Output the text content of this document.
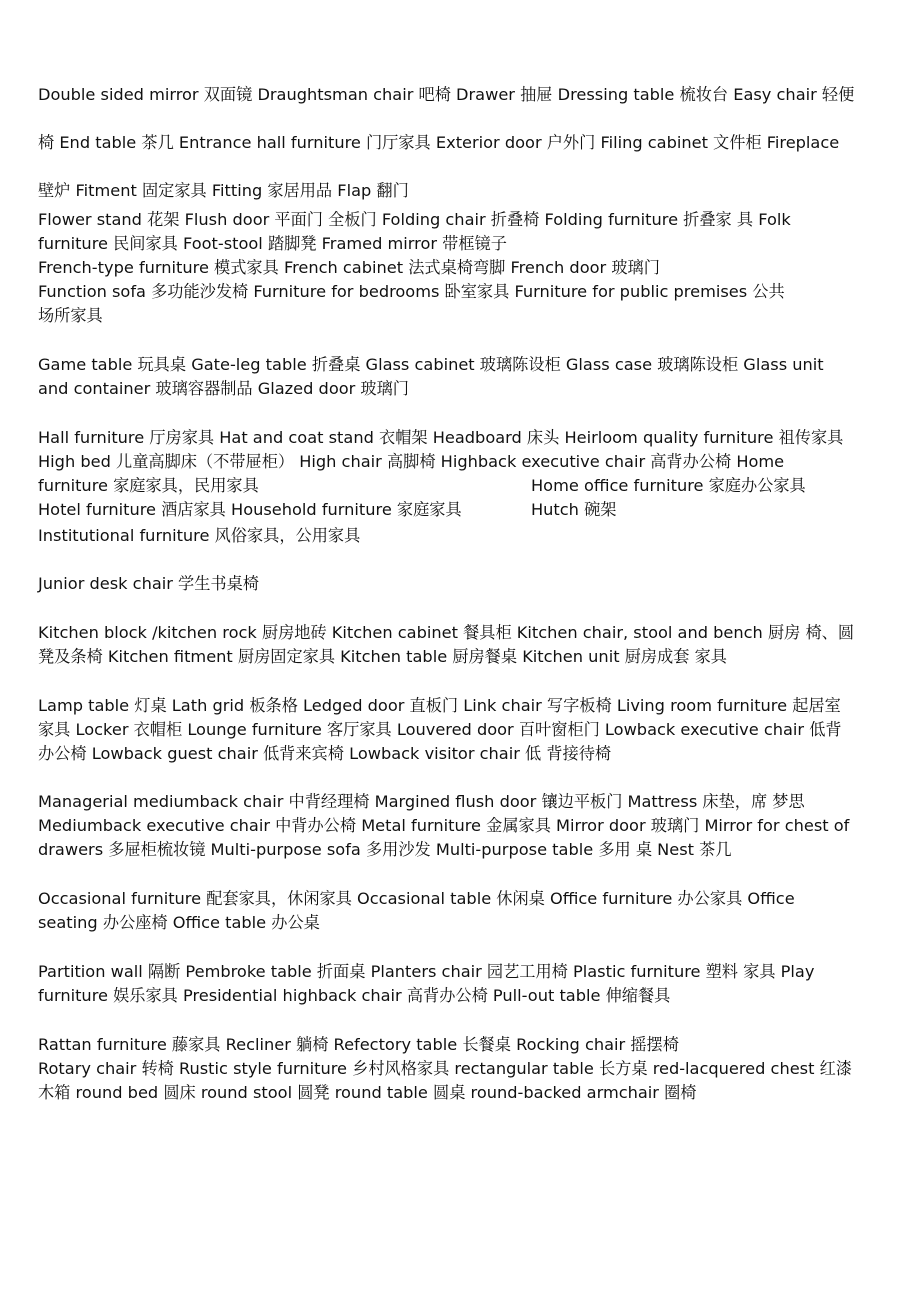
Double sided mirror 双面镜 Draughtsman chair 吧椅 Drawer 抽屉 Dressing table 梳妆台 Easy chair 轻便
椅 End table 茶几 Entrance hall furniture 门厅家具 Exterior door 户外门 Filing cabinet 文件柜 Fireplace
壁炉 Fitment 固定家具 Fitting 家居用品 Flap 翻门
Flower stand 花架 Flush door 平面门 全板门 Folding chair 折叠椅 Folding furniture 折叠家 具 Folk
furniture 民间家具 Foot-stool 踏脚凳 Framed mirror 带框镜子
French-type furniture 模式家具 French cabinet 法式桌椅弯脚 French door 玻璃门
Function sofa 多功能沙发椅 Furniture for bedrooms 卧室家具 Furniture for public premises 公共
场所家具
Game table 玩具桌 Gate-leg table 折叠桌 Glass cabinet 玻璃陈设柜 Glass case 玻璃陈设柜 Glass unit
and container 玻璃容器制品 Glazed door 玻璃门
Hall furniture 厅房家具 Hat and coat stand 衣帽架 Headboard 床头 Heirloom quality furniture 祖传家具
High bed 儿童高脚床（不带屉柜） High chair 高脚椅 Highback executive chair 高背办公椅 Home
furniture 家庭家具，民用家具	Home office furniture 家庭办公家具
Hotel furniture 酒店家具 Household furniture 家庭家具	Hutch 碗架
Institutional furniture 风俗家具，公用家具
Junior desk chair 学生书桌椅
Kitchen block /kitchen rock 厨房地砖 Kitchen cabinet 餐具柜 Kitchen chair, stool and bench 厨房 椅、圆
凳及条椅 Kitchen fitment 厨房固定家具 Kitchen table 厨房餐桌 Kitchen unit 厨房成套 家具
Lamp table 灯桌 Lath grid 板条格 Ledged door 直板门 Link chair 写字板椅 Living room furniture 起居室
家具 Locker 衣帽柜 Lounge furniture 客厅家具 Louvered door 百叶窗柜门 Lowback executive chair 低背
办公椅 Lowback guest chair 低背来宾椅 Lowback visitor chair 低 背接待椅
Managerial mediumback chair 中背经理椅 Margined flush door 镶边平板门 Mattress 床垫，席 梦思
Mediumback executive chair 中背办公椅 Metal furniture 金属家具 Mirror door 玻璃门 Mirror for chest of
drawers 多屉柜梳妆镜 Multi-purpose sofa 多用沙发 Multi-purpose table 多用 桌 Nest 茶几
Occasional furniture 配套家具，休闲家具 Occasional table 休闲桌 Office furniture 办公家具 Office
seating 办公座椅 Office table 办公桌
Partition wall 隔断 Pembroke table 折面桌 Planters chair 园艺工用椅 Plastic furniture 塑料 家具 Play
furniture 娱乐家具 Presidential highback chair 高背办公椅 Pull-out table 伸缩餐具
Rattan furniture 藤家具 Recliner 躺椅 Refectory table 长餐桌 Rocking chair 摇摆椅
Rotary chair 转椅 Rustic style furniture 乡村风格家具 rectangular table 长方桌 red-lacquered chest 红漆
木箱 round bed 圆床 round stool 圆凳 round table 圆桌 round-backed armchair 圈椅
